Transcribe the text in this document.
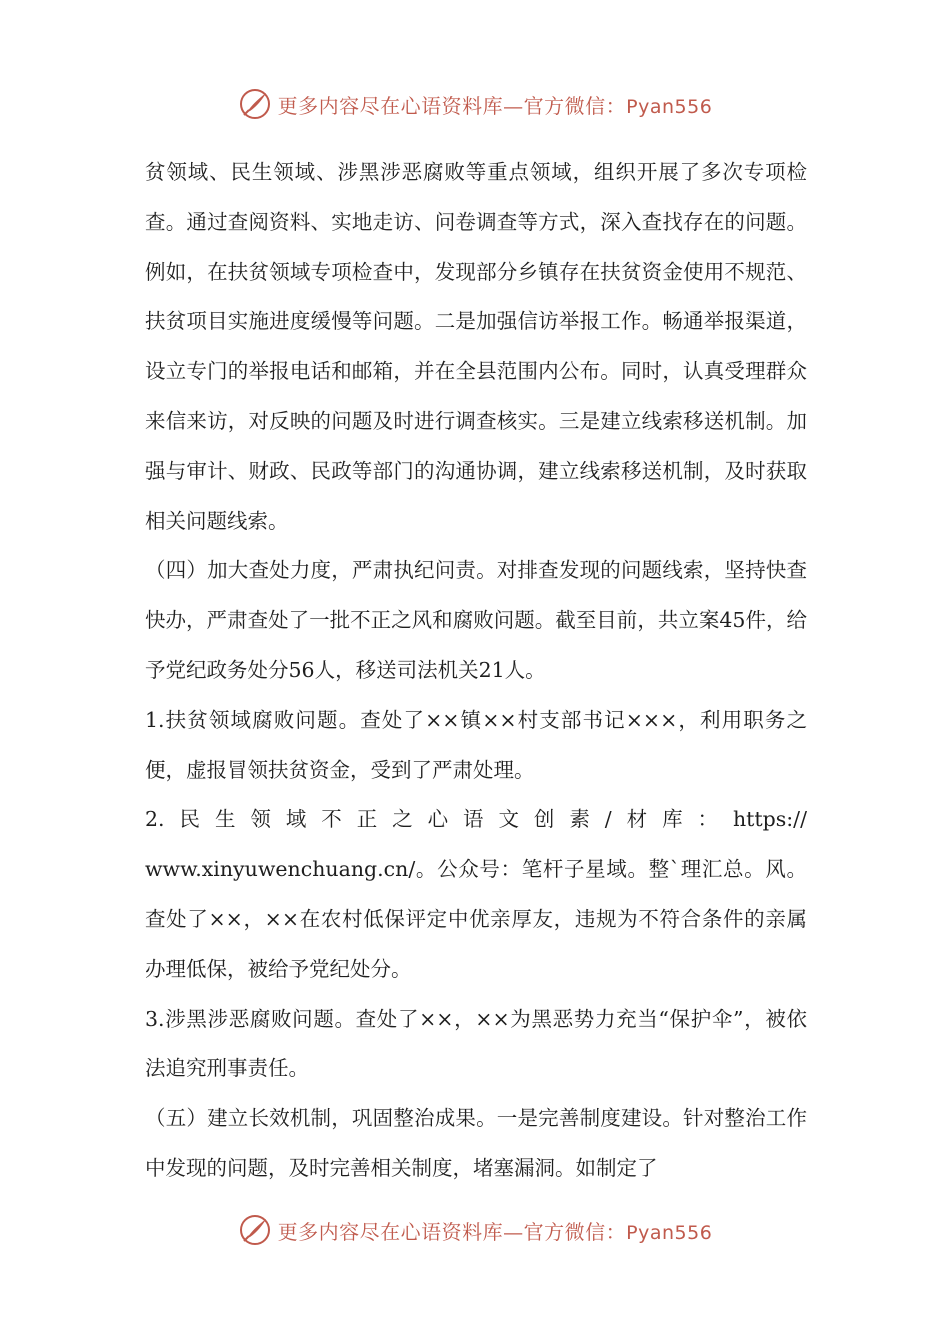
更多内容尽在心语资料库—官方微信：Pyan556

贫领域、民生领域、涉黑涉恶腐败等重点领域，组织开展了多次专项检查。通过查阅资料、实地走访、问卷调查等方式，深入查找存在的问题。例如，在扶贫领域专项检查中，发现部分乡镇存在扶贫资金使用不规范、扶贫项目实施进度缓慢等问题。二是加强信访举报工作。畅通举报渠道，设立专门的举报电话和邮箱，并在全县范围内公布。同时，认真受理群众来信来访，对反映的问题及时进行调查核实。三是建立线索移送机制。加强与审计、财政、民政等部门的沟通协调，建立线索移送机制，及时获取相关问题线索。

（四）加大查处力度，严肃执纪问责。对排查发现的问题线索，坚持快查快办，严肃查处了一批不正之风和腐败问题。截至目前，共立案45件，给予党纪政务处分56人，移送司法机关21人。

1.扶贫领域腐败问题。查处了××镇××村支部书记×××，利用职务之便，虚报冒领扶贫资金，受到了严肃处理。

2.民生领域不正之心语文创素/材库：https://
www.xinyuwenchuang.cn/。公众号：笔杆子星域。整`理汇总。风。查处了××，××在农村低保评定中优亲厚友，违规为不符合条件的亲属办理低保，被给予党纪处分。

3.涉黑涉恶腐败问题。查处了××，××为黑恶势力充当“保护伞”，被依法追究刑事责任。

（五）建立长效机制，巩固整治成果。一是完善制度建设。针对整治工作中发现的问题，及时完善相关制度，堵塞漏洞。如制定了

更多内容尽在心语资料库—官方微信：Pyan556
